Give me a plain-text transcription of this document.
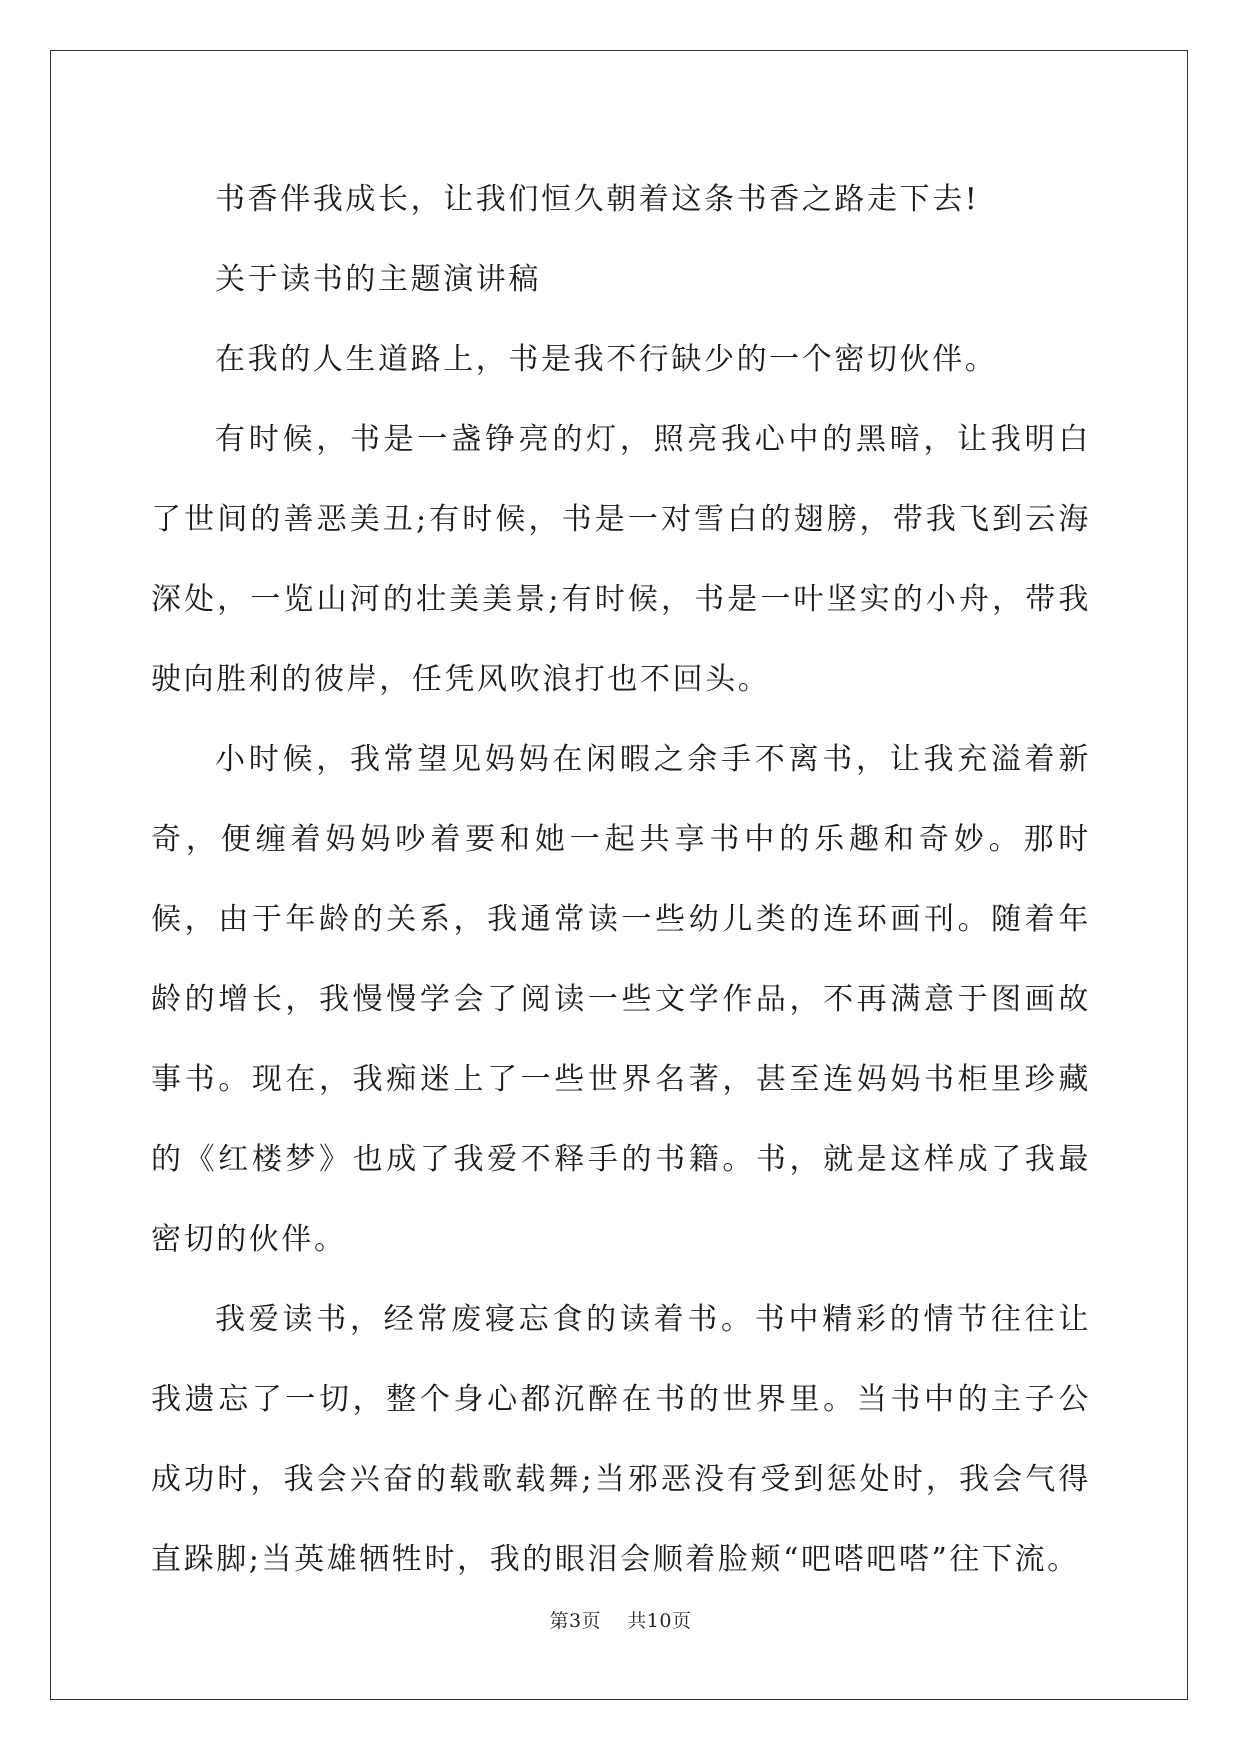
书香伴我成长，让我们恒久朝着这条书香之路走下去!

关于读书的主题演讲稿

在我的人生道路上，书是我不行缺少的一个密切伙伴。

有时候，书是一盏铮亮的灯，照亮我心中的黑暗，让我明白了世间的善恶美丑;有时候，书是一对雪白的翅膀，带我飞到云海深处，一览山河的壮美美景;有时候，书是一叶坚实的小舟，带我驶向胜利的彼岸，任凭风吹浪打也不回头。

小时候，我常望见妈妈在闲暇之余手不离书，让我充溢着新奇，便缠着妈妈吵着要和她一起共享书中的乐趣和奇妙。那时候，由于年龄的关系，我通常读一些幼儿类的连环画刊。随着年龄的增长，我慢慢学会了阅读一些文学作品，不再满意于图画故事书。现在，我痴迷上了一些世界名著，甚至连妈妈书柜里珍藏的《红楼梦》也成了我爱不释手的书籍。书，就是这样成了我最密切的伙伴。

我爱读书，经常废寝忘食的读着书。书中精彩的情节往往让我遗忘了一切，整个身心都沉醉在书的世界里。当书中的主子公成功时，我会兴奋的载歌载舞;当邪恶没有受到惩处时，我会气得直跺脚;当英雄牺牲时，我的眼泪会顺着脸颊“吧嗒吧嗒”往下流。

第3页 共10页
